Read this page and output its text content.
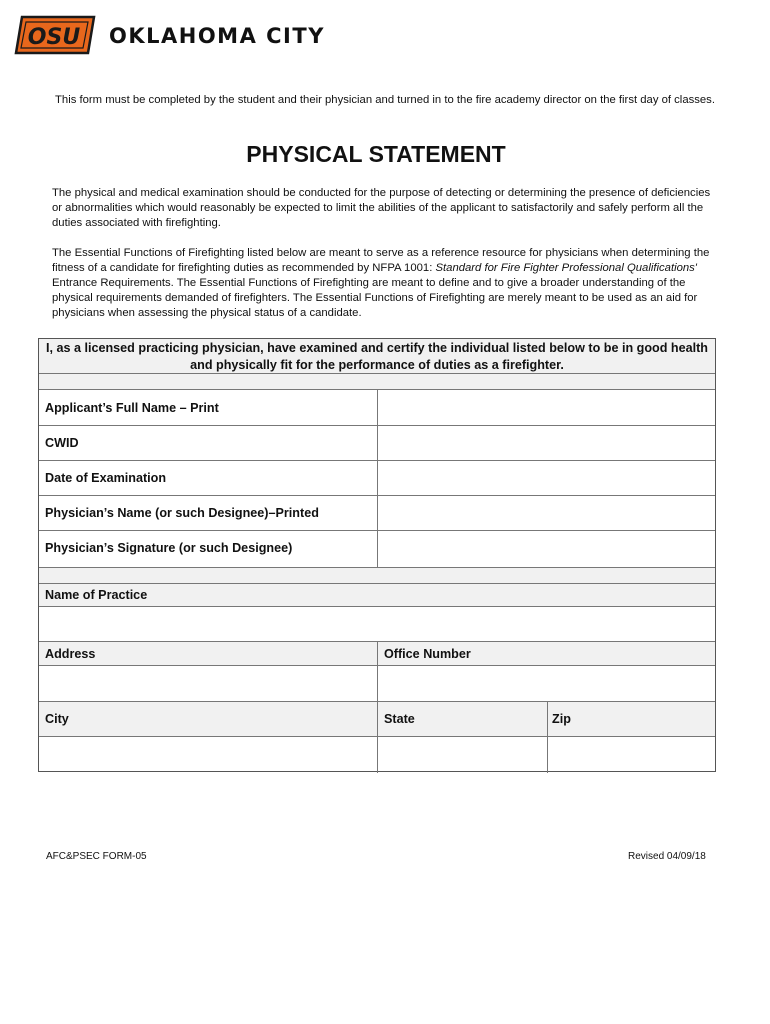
OSU OKLAHOMA CITY
This form must be completed by the student and their physician and turned in to the fire academy director on the first day of classes.
PHYSICAL STATEMENT

The physical and medical examination should be conducted for the purpose of detecting or determining the presence of deficiencies or abnormalities which would reasonably be expected to limit the abilities of the applicant to satisfactorily and safely perform all the duties associated with firefighting.

The Essential Functions of Firefighting listed below are meant to serve as a reference resource for physicians when determining the fitness of a candidate for firefighting duties as recommended by NFPA 1001: Standard for Fire Fighter Professional Qualifications' Entrance Requirements. The Essential Functions of Firefighting are meant to define and to give a broader understanding of the physical requirements demanded of firefighters. The Essential Functions of Firefighting are merely meant to be used as an aid for physicians when assessing the physical status of a candidate.

I, as a licensed practicing physician, have examined and certify the individual listed below to be in good health and physically fit for the performance of duties as a firefighter.
Applicant’s Full Name – Print
CWID
Date of Examination
Physician’s Name (or such Designee)–Printed
Physician’s Signature (or such Designee)
Name of Practice
Address	Office Number
City	State	Zip
AFC&PSEC FORM-05	Revised 04/09/18
